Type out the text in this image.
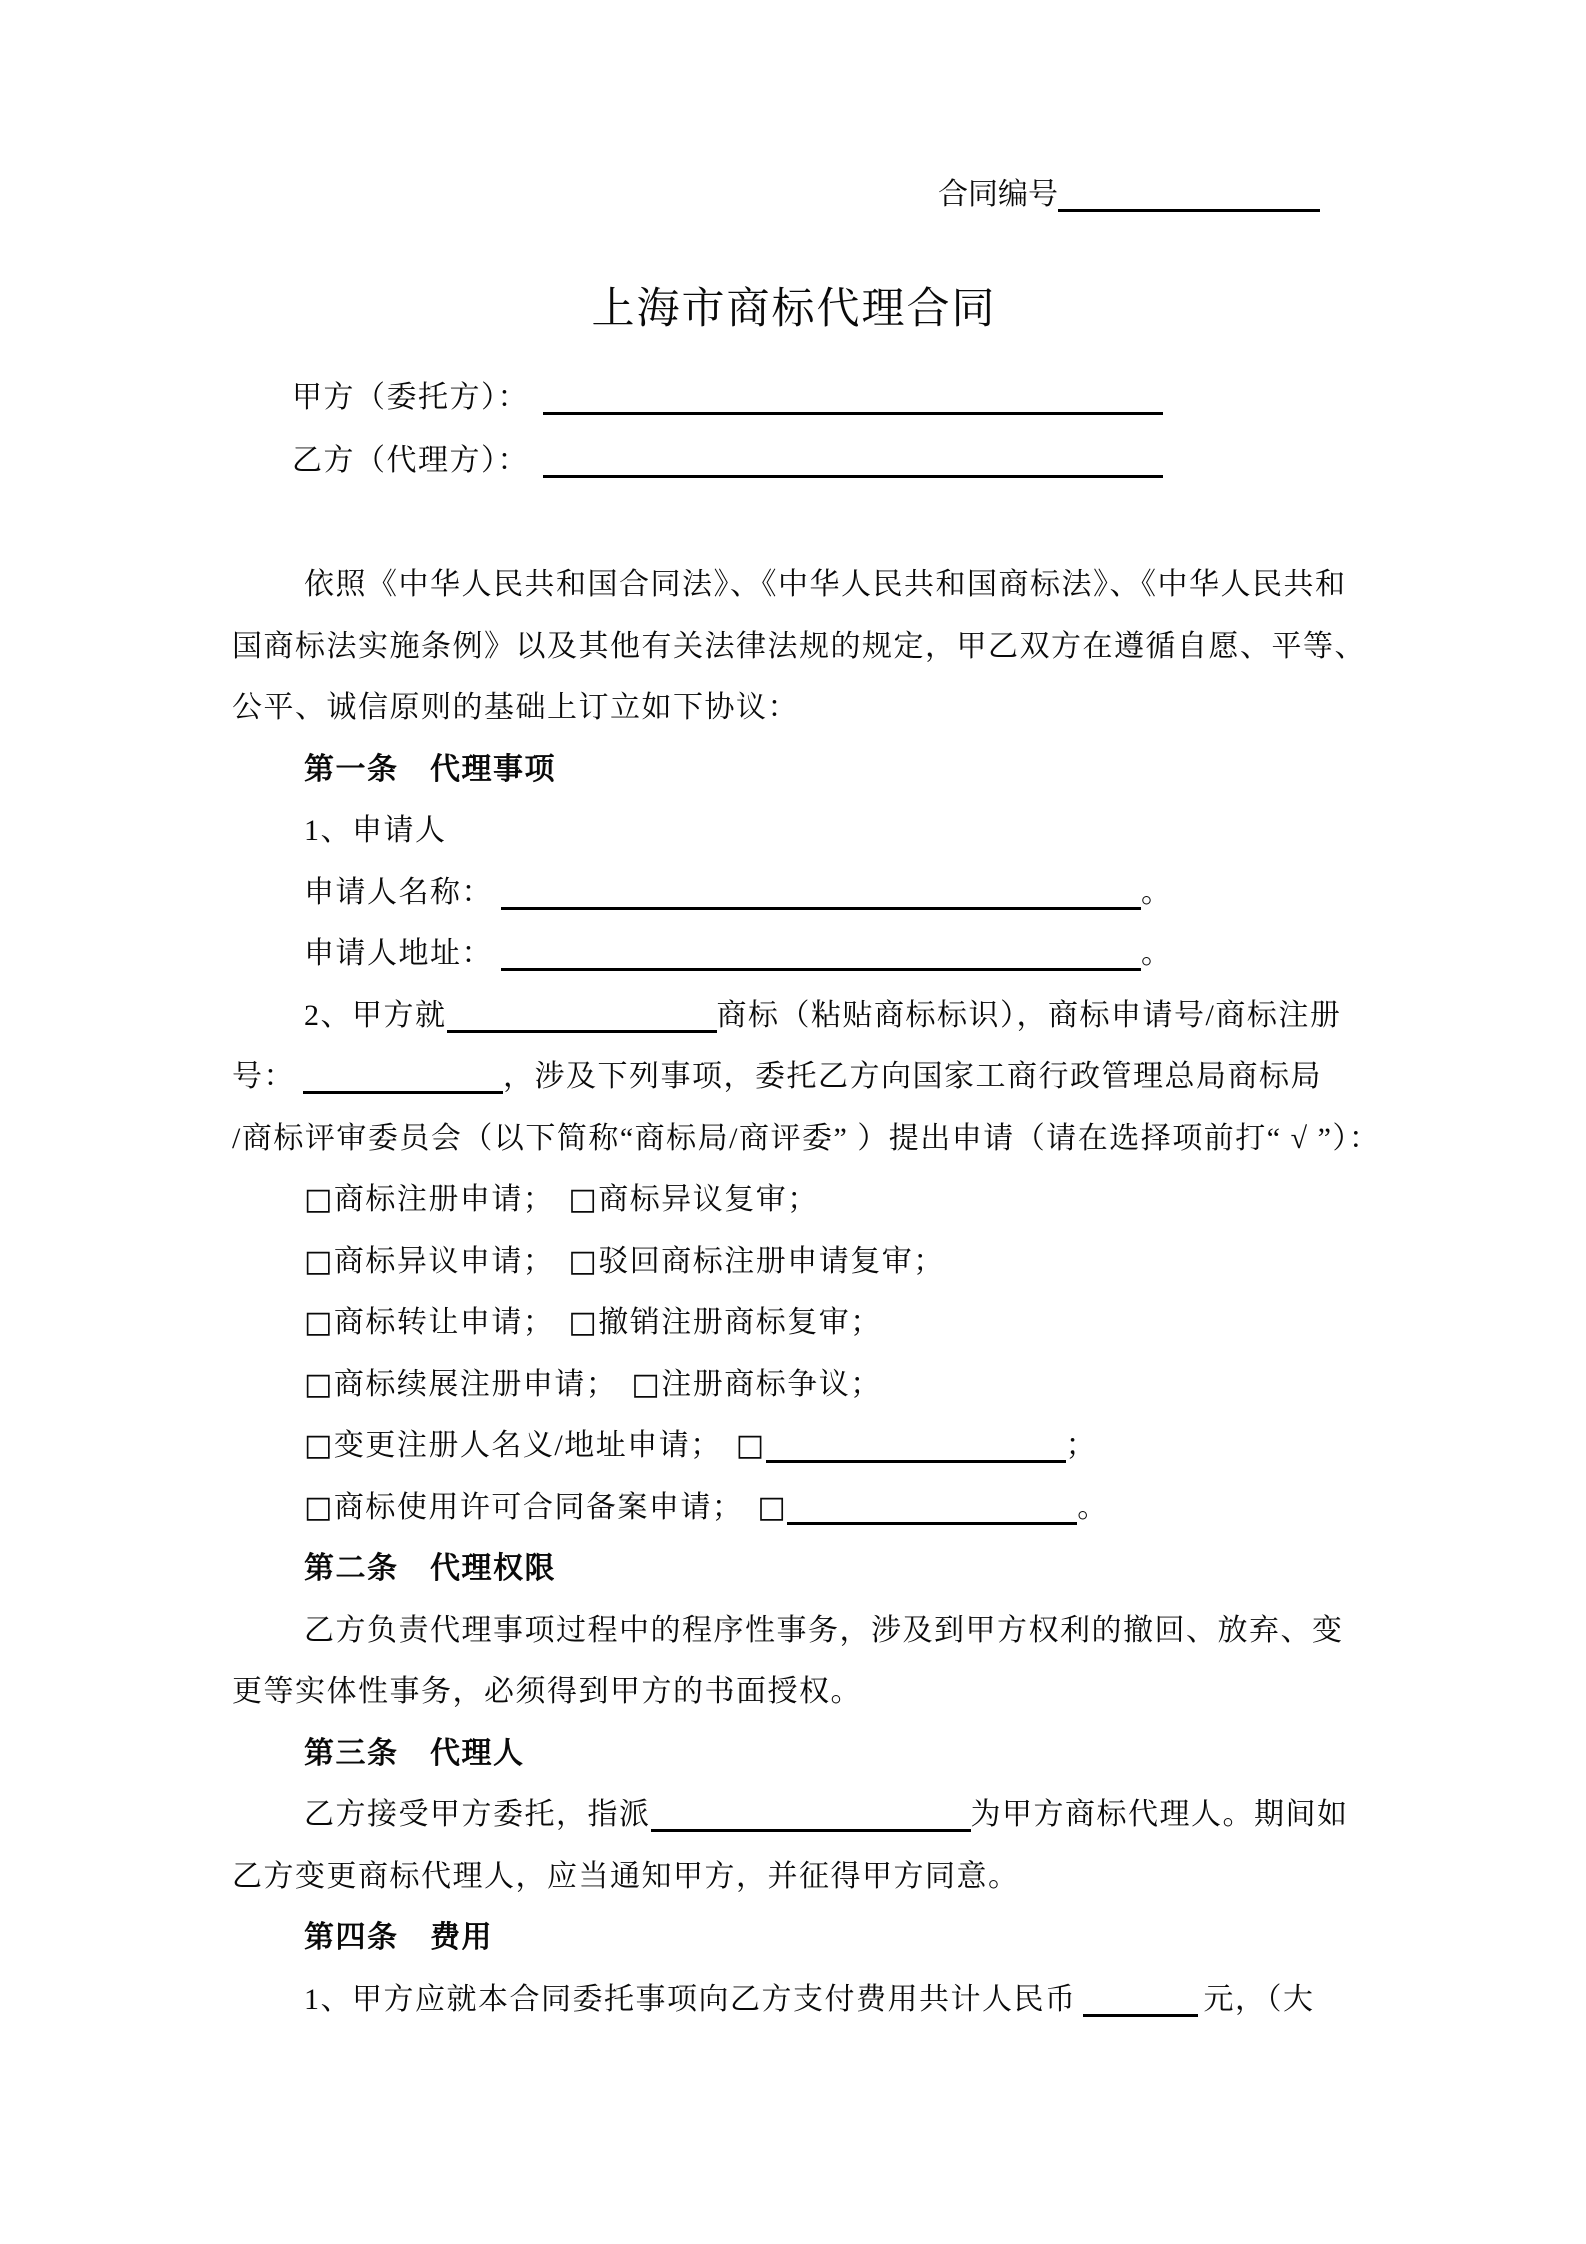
合同编号
上海市商标代理合同
甲方（委托方）：
乙方（代理方）：
依照《中华人民共和国合同法》、《中华人民共和国商标法》、《中华人民共和
国商标法实施条例》以及其他有关法律法规的规定，甲乙双方在遵循自愿、平等、
公平、诚信原则的基础上订立如下协议：
第一条　代理事项
1、申请人
申请人名称：	。
申请人地址：	。
2、甲方就	商标（粘贴商标标识），商标申请号/商标注册
号：	，涉及下列事项，委托乙方向国家工商行政管理总局商标局
/商标评审委员会（以下简称“商标局/商评委” ）提出申请（请在选择项前打“ √ ”）：
□商标注册申请； □商标异议复审；
□商标异议申请； □驳回商标注册申请复审；
□商标转让申请； □撤销注册商标复审；
□商标续展注册申请； □注册商标争议；
□变更注册人名义/地址申请； □	；
□商标使用许可合同备案申请； □	。
第二条　代理权限
乙方负责代理事项过程中的程序性事务，涉及到甲方权利的撤回、放弃、变
更等实体性事务，必须得到甲方的书面授权。
第三条　代理人
乙方接受甲方委托，指派	为甲方商标代理人。期间如
乙方变更商标代理人，应当通知甲方，并征得甲方同意。
第四条　费用
1、甲方应就本合同委托事项向乙方支付费用共计人民币	元，（大
